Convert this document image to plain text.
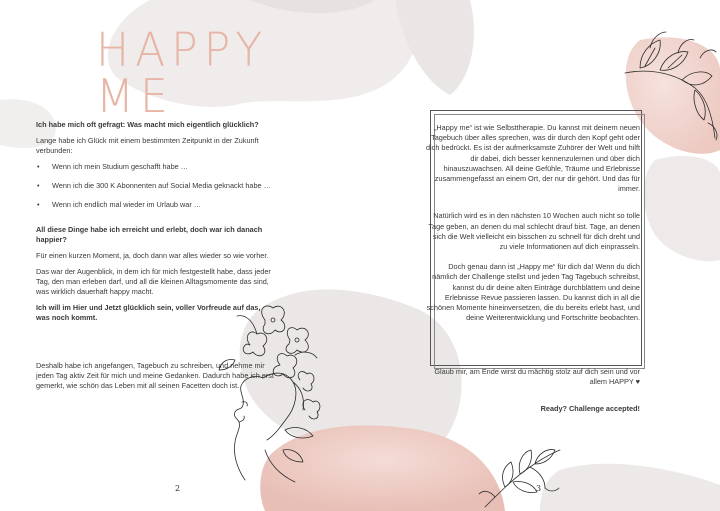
HAPPY ME

Ich habe mich oft gefragt: Was macht mich eigentlich glücklich?

Lange habe ich Glück mit einem bestimmten Zeitpunkt in der Zukunft verbunden:

• Wenn ich mein Studium geschafft habe …
• Wenn ich die 300 K Abonnenten auf Social Media geknackt habe …
• Wenn ich endlich mal wieder im Urlaub war …

All diese Dinge habe ich erreicht und erlebt, doch war ich danach happier?

Für einen kurzen Moment, ja, doch dann war alles wieder so wie vorher.

Das war der Augenblick, in dem ich für mich festgestellt habe, dass jeder Tag, den man erleben darf, und all die kleinen Alltagsmomente das sind, was wirklich dauerhaft happy macht.

Ich will im Hier und Jetzt glücklich sein, voller Vorfreude auf das, was noch kommt.

Deshalb habe ich angefangen, Tagebuch zu schreiben, und nehme mir jeden Tag aktiv Zeit für mich und meine Gedanken. Dadurch habe ich erst gemerkt, wie schön das Leben mit all seinen Facetten doch ist.

2

„Happy me“ ist wie Selbsttherapie. Du kannst mit deinem neuen Tagebuch über alles sprechen, was dir durch den Kopf geht oder dich bedrückt. Es ist der aufmerksamste Zuhörer der Welt und hilft dir dabei, dich besser kennenzulernen und über dich hinauszuwachsen. All deine Gefühle, Träume und Erlebnisse zusammengefasst an einem Ort, der nur dir gehört. Und das für immer.

Natürlich wird es in den nächsten 10 Wochen auch nicht so tolle Tage geben, an denen du mal schlecht drauf bist. Tage, an denen sich die Welt vielleicht ein bisschen zu schnell für dich dreht und zu viele Informationen auf dich einprasseln.

Doch genau dann ist „Happy me“ für dich da! Wenn du dich nämlich der Challenge stellst und jeden Tag Tagebuch schreibst, kannst du dir deine alten Einträge durchblättern und deine Erlebnisse Revue passieren lassen. Du kannst dich in all die schönen Momente hineinversetzen, die du bereits erlebt hast, und deine Weiterentwicklung und Fortschritte beobachten.

Glaub mir, am Ende wirst du mächtig stolz auf dich sein und vor allem HAPPY ♥

Ready? Challenge accepted!

3
